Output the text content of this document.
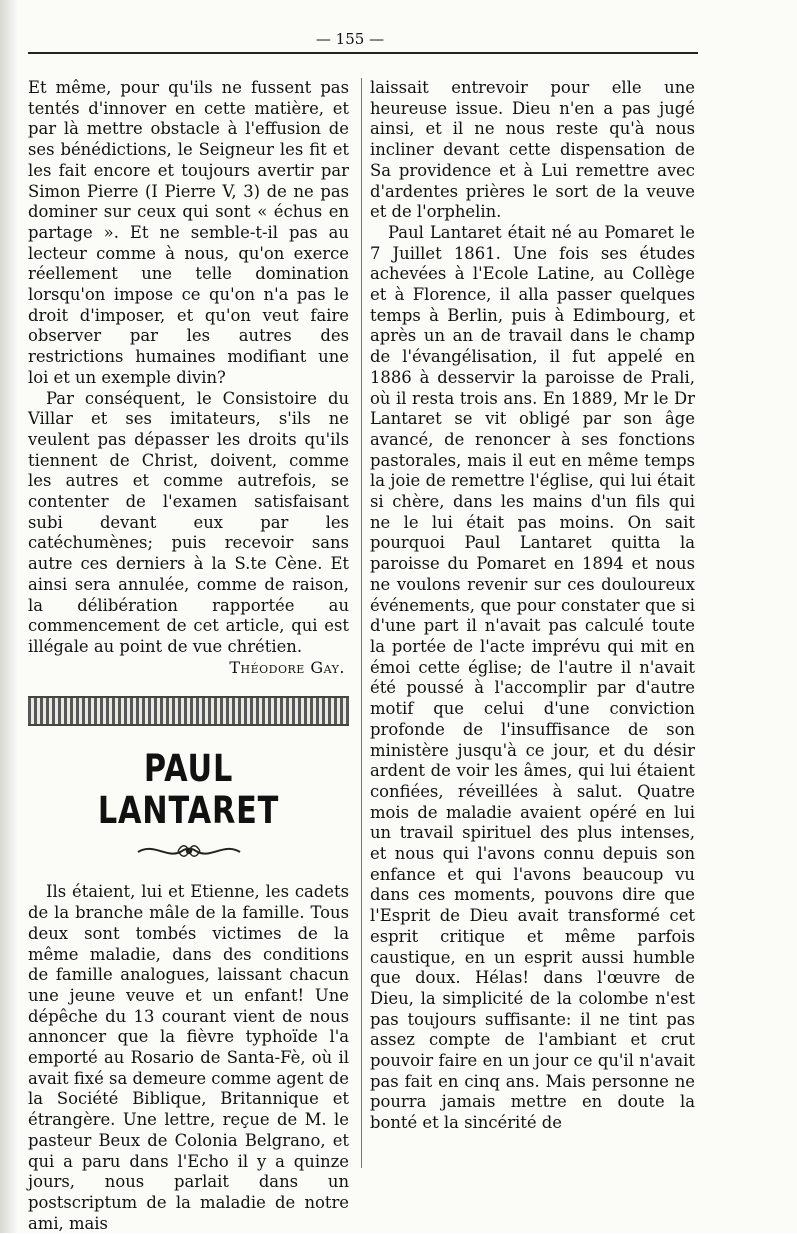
— 155 —

Et même, pour qu'ils ne fussent pas tentés d'innover en cette matière, et par là mettre obstacle à l'effusion de ses bénédictions, le Seigneur les fit et les fait encore et toujours avertir par Simon Pierre (I Pierre V, 3) de ne pas dominer sur ceux qui sont « échus en partage ». Et ne semble-t-il pas au lecteur comme à nous, qu'on exerce réellement une telle domination lorsqu'on impose ce qu'on n'a pas le droit d'imposer, et qu'on veut faire observer par les autres des restrictions humaines modifiant une loi et un exemple divin?

Par conséquent, le Consistoire du Villar et ses imitateurs, s'ils ne veulent pas dépasser les droits qu'ils tiennent de Christ, doivent, comme les autres et comme autrefois, se contenter de l'examen satisfaisant subi devant eux par les catéchumènes; puis recevoir sans autre ces derniers à la S.te Cène. Et ainsi sera annulée, comme de raison, la délibération rapportée au commencement de cet article, qui est illégale au point de vue chrétien.

Théodore Gay.
PAUL LANTARET

Ils étaient, lui et Etienne, les cadets de la branche mâle de la famille. Tous deux sont tombés victimes de la même maladie, dans des conditions de famille analogues, laissant chacun une jeune veuve et un enfant! Une dépêche du 13 courant vient de nous annoncer que la fièvre typhoïde l'a emporté au Rosario de Santa-Fè, où il avait fixé sa demeure comme agent de la Société Biblique, Britannique et étrangère. Une lettre, reçue de M. le pasteur Beux de Colonia Belgrano, et qui a paru dans l'Echo il y a quinze jours, nous parlait dans un postscriptum de la maladie de notre ami, mais

laissait entrevoir pour elle une heureuse issue. Dieu n'en a pas jugé ainsi, et il ne nous reste qu'à nous incliner devant cette dispensation de Sa providence et à Lui remettre avec d'ardentes prières le sort de la veuve et de l'orphelin.

Paul Lantaret était né au Pomaret le 7 Juillet 1861. Une fois ses études achevées à l'Ecole Latine, au Collège et à Florence, il alla passer quelques temps à Berlin, puis à Edimbourg, et après un an de travail dans le champ de l'évangélisation, il fut appelé en 1886 à desservir la paroisse de Prali, où il resta trois ans. En 1889, Mr le Dr Lantaret se vit obligé par son âge avancé, de renoncer à ses fonctions pastorales, mais il eut en même temps la joie de remettre l'église, qui lui était si chère, dans les mains d'un fils qui ne le lui était pas moins. On sait pourquoi Paul Lantaret quitta la paroisse du Pomaret en 1894 et nous ne voulons revenir sur ces douloureux événements, que pour constater que si d'une part il n'avait pas calculé toute la portée de l'acte imprévu qui mit en émoi cette église; de l'autre il n'avait été poussé à l'accomplir par d'autre motif que celui d'une conviction profonde de l'insuffisance de son ministère jusqu'à ce jour, et du désir ardent de voir les âmes, qui lui étaient confiées, réveillées à salut. Quatre mois de maladie avaient opéré en lui un travail spirituel des plus intenses, et nous qui l'avons connu depuis son enfance et qui l'avons beaucoup vu dans ces moments, pouvons dire que l'Esprit de Dieu avait transformé cet esprit critique et même parfois caustique, en un esprit aussi humble que doux. Hélas! dans l'œuvre de Dieu, la simplicité de la colombe n'est pas toujours suffisante: il ne tint pas assez compte de l'ambiant et crut pouvoir faire en un jour ce qu'il n'avait pas fait en cinq ans. Mais personne ne pourra jamais mettre en doute la bonté et la sincérité de
